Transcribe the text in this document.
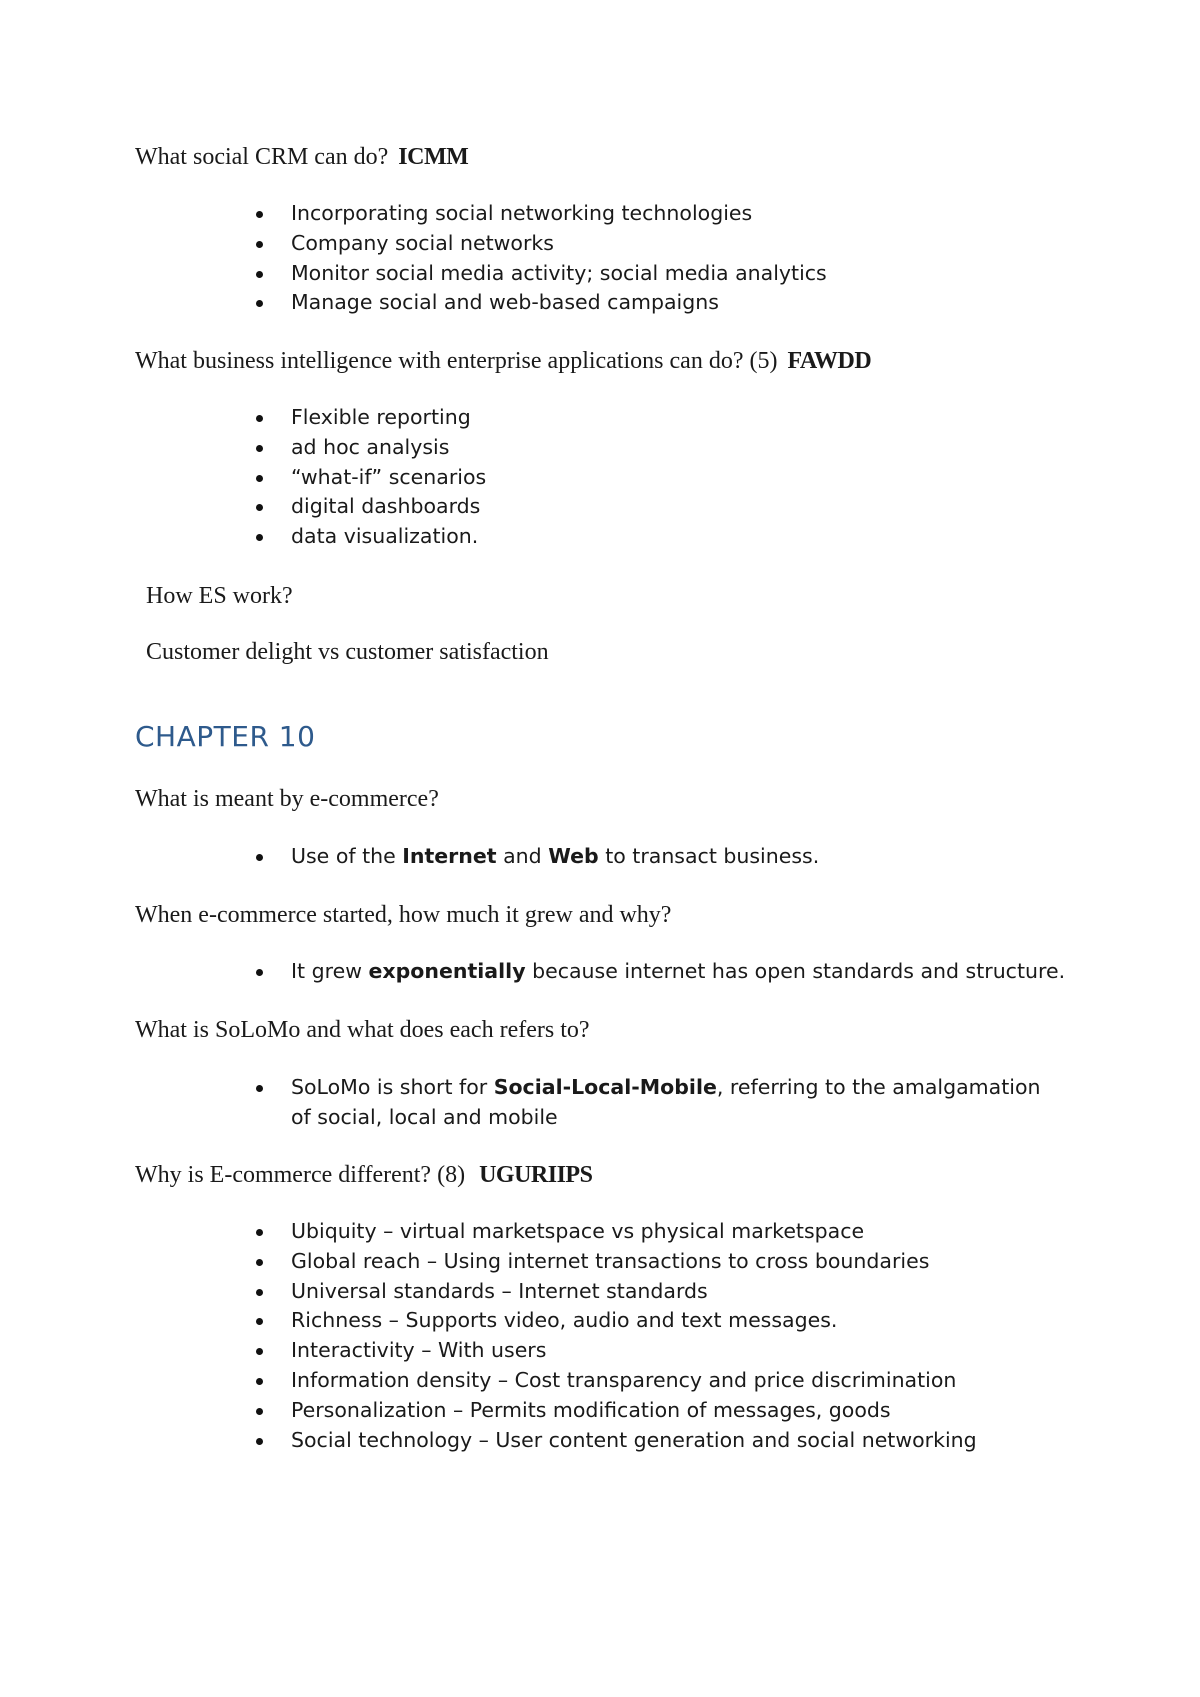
What social CRM can do? ICMM
Incorporating social networking technologies
Company social networks
Monitor social media activity; social media analytics
Manage social and web-based campaigns
What business intelligence with enterprise applications can do? (5) FAWDD
Flexible reporting
ad hoc analysis
“what-if” scenarios
digital dashboards
data visualization.
How ES work?
Customer delight vs customer satisfaction
CHAPTER 10
What is meant by e-commerce?
Use of the Internet and Web to transact business.
When e-commerce started, how much it grew and why?
It grew exponentially because internet has open standards and structure.
What is SoLoMo and what does each refers to?
SoLoMo is short for Social-Local-Mobile, referring to the amalgamation of social, local and mobile
Why is E-commerce different? (8) UGURIIPS
Ubiquity – virtual marketspace vs physical marketspace
Global reach – Using internet transactions to cross boundaries
Universal standards – Internet standards
Richness – Supports video, audio and text messages.
Interactivity – With users
Information density – Cost transparency and price discrimination
Personalization – Permits modification of messages, goods
Social technology – User content generation and social networking
